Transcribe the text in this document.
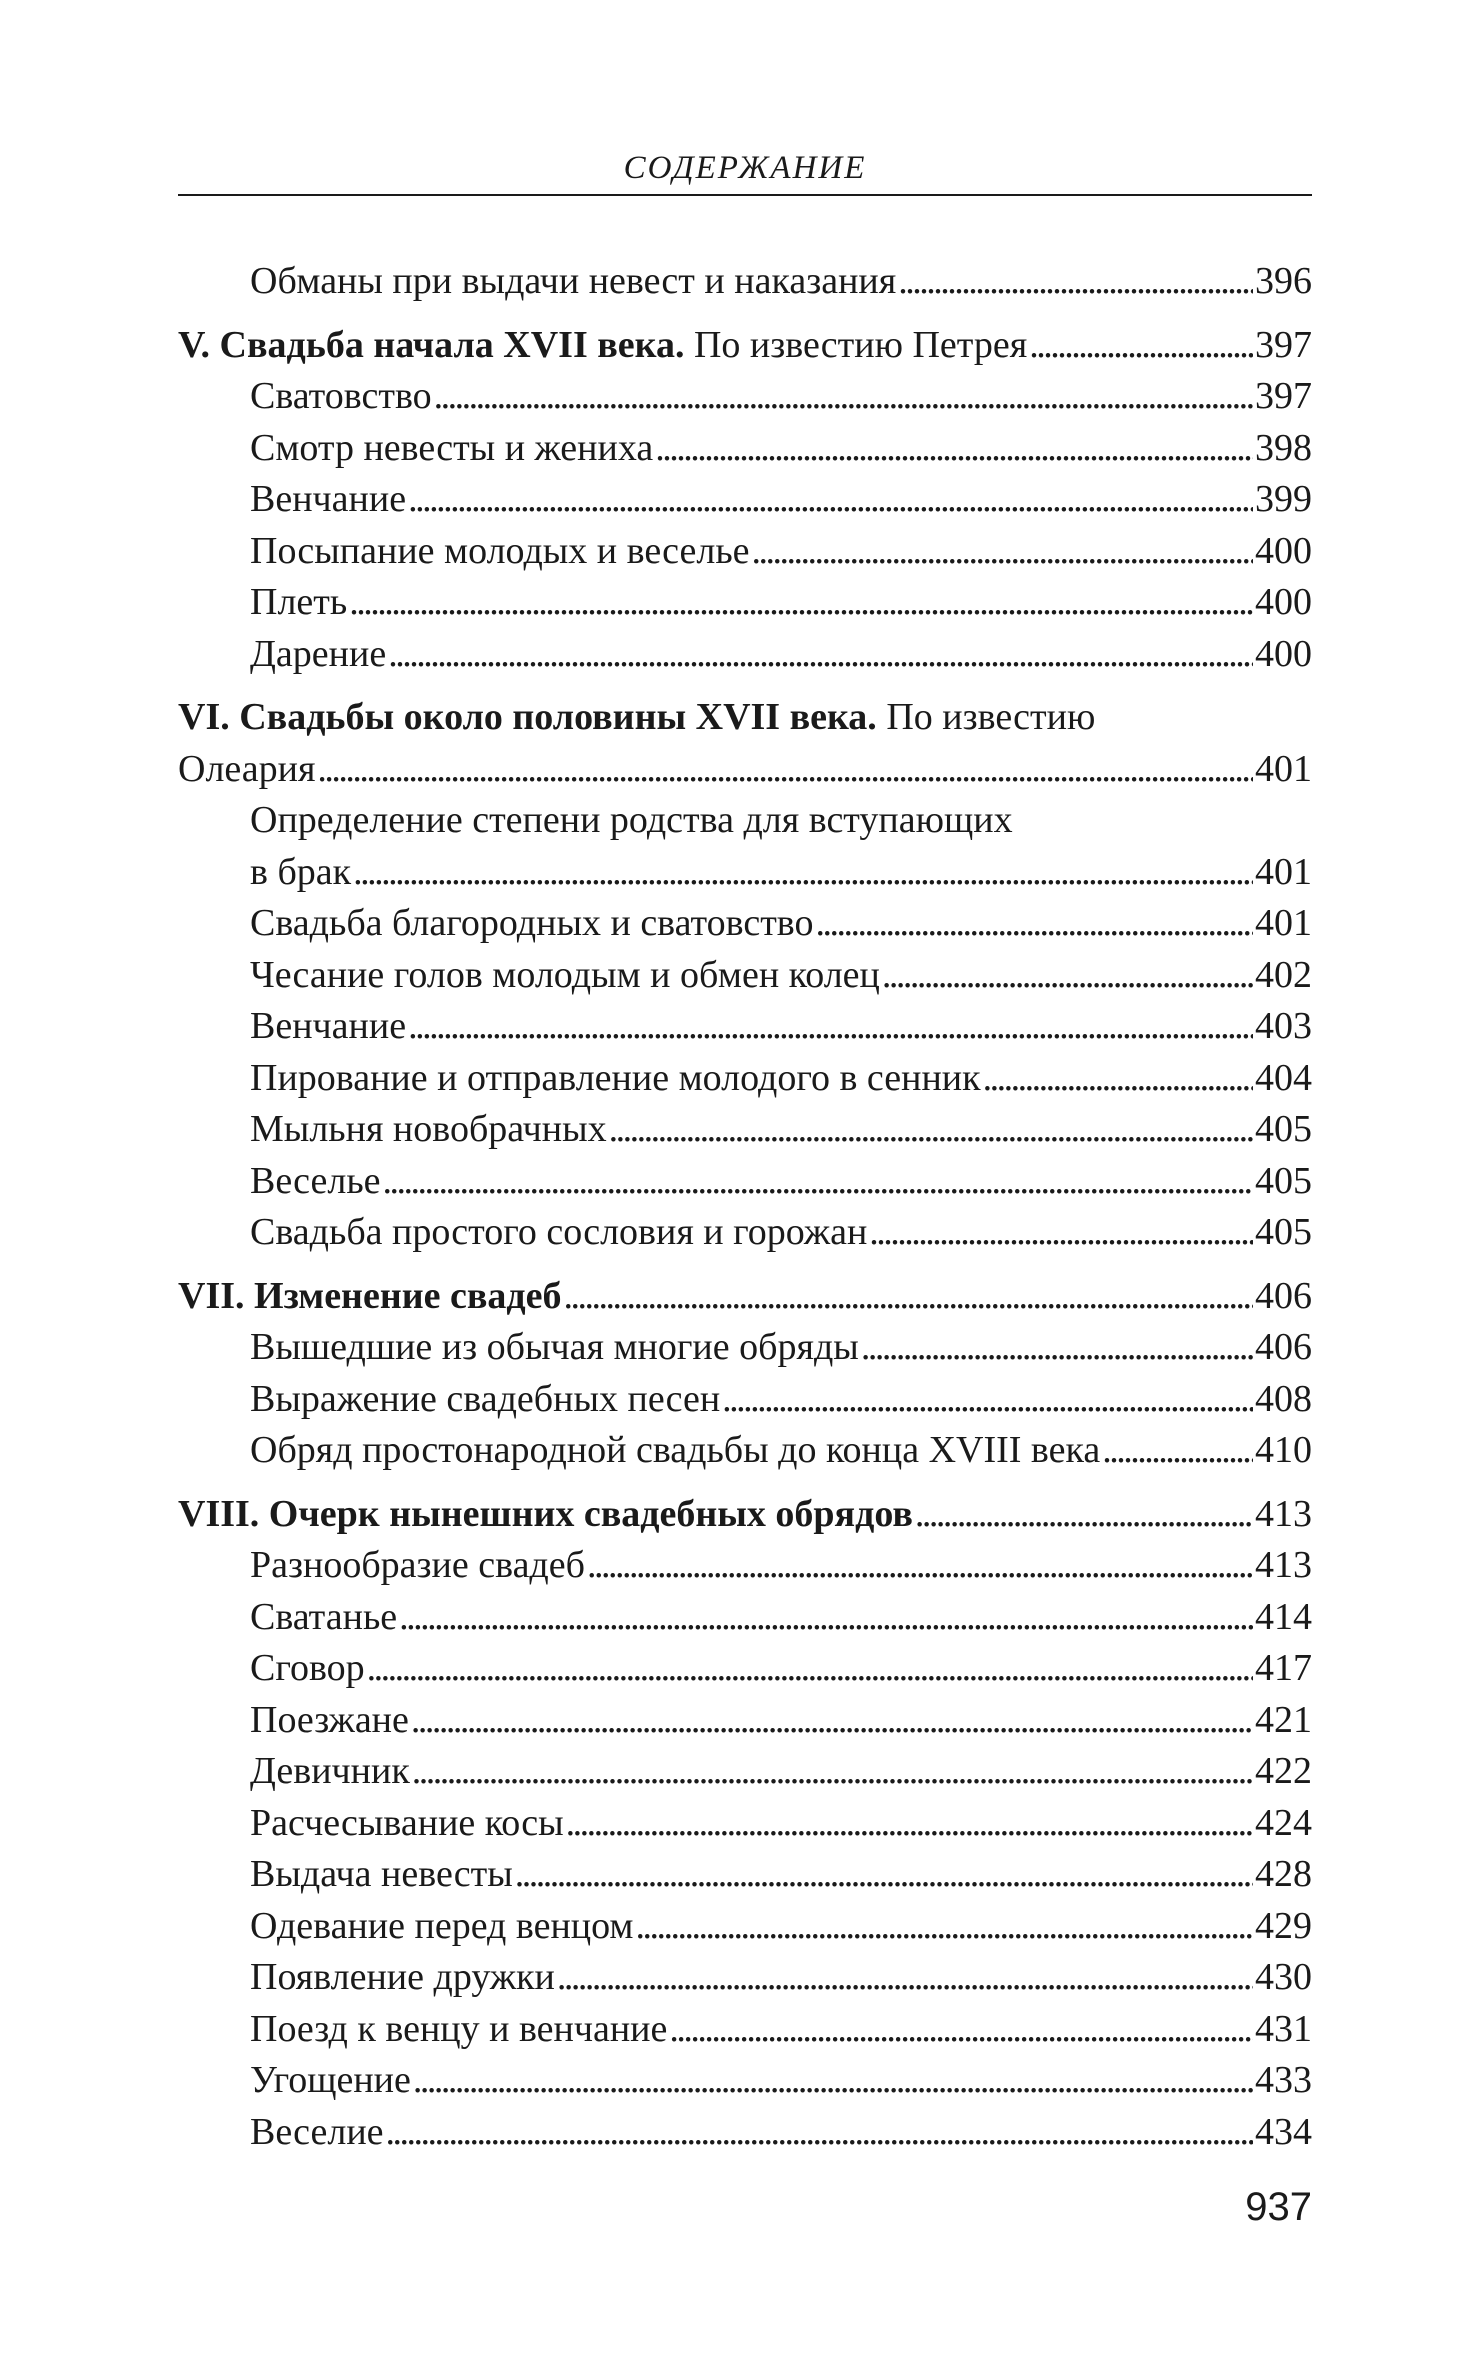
СОДЕРЖАНИЕ
Обманы при выдачи невест и наказания . . .	396
V. Свадьба начала XVII века. По известию Петрея . . .	397
Сватовство . . .	397
Смотр невесты и жениха . . .	398
Венчание . . .	399
Посыпание молодых и веселье . . .	400
Плеть . . .	400
Дарение . . .	400
VI. Свадьбы около половины XVII века. По известию
Олеария . . .	401
Определение степени родства для вступающих
в брак . . .	401
Свадьба благородных и сватовство . . .	401
Чесание голов молодым и обмен колец . . .	402
Венчание . . .	403
Пирование и отправление молодого в сенник . . .	404
Мыльня новобрачных . . .	405
Веселье . . .	405
Свадьба простого сословия и горожан . . .	405
VII. Изменение свадеб . . .	406
Вышедшие из обычая многие обряды . . .	406
Выражение свадебных песен . . .	408
Обряд простонародной свадьбы до конца XVIII века . . .	410
VIII. Очерк нынешних свадебных обрядов . . .	413
Разнообразие свадеб . . .	413
Сватанье . . .	414
Сговор . . .	417
Поезжане . . .	421
Девичник . . .	422
Расчесывание косы . . .	424
Выдача невесты . . .	428
Одевание перед венцом . . .	429
Появление дружки . . .	430
Поезд к венцу и венчание . . .	431
Угощение . . .	433
Веселие . . .	434
937
